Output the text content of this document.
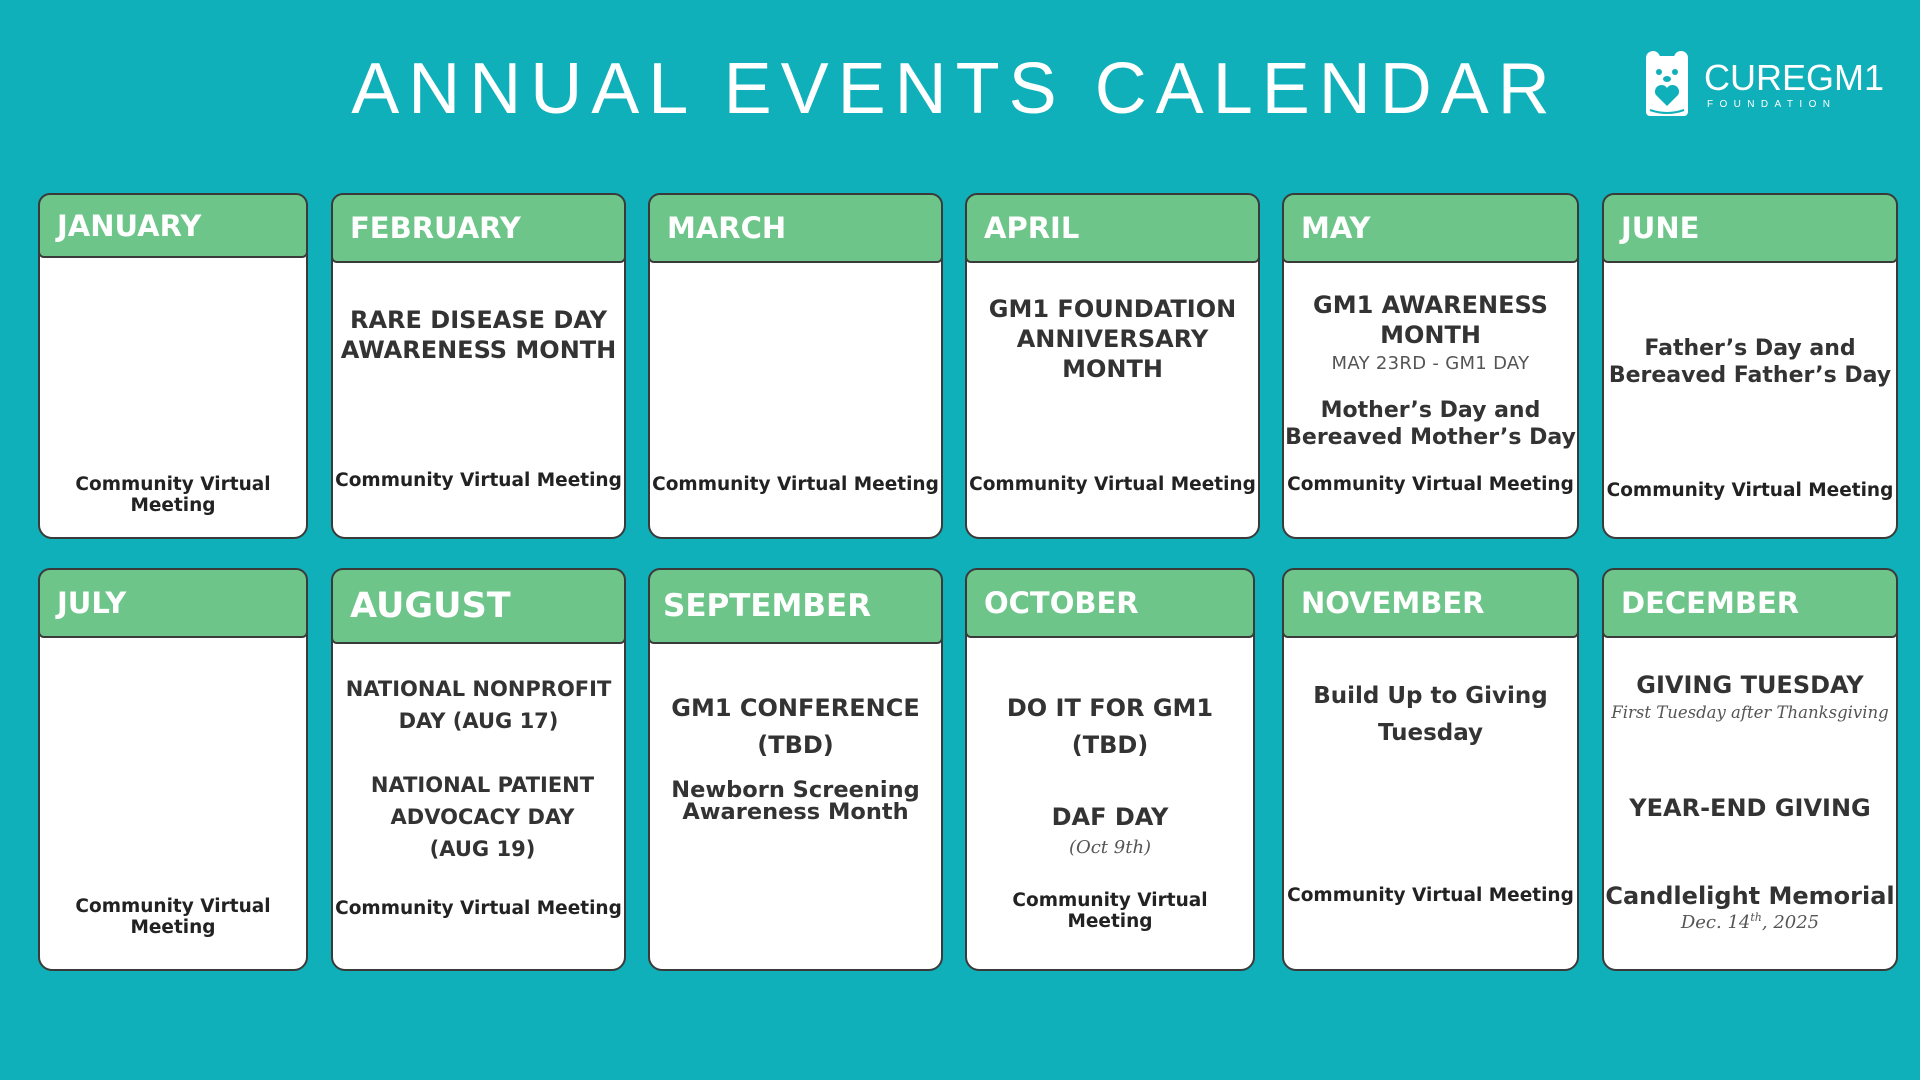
ANNUAL EVENTS CALENDAR	CUREGM1
FOUNDATION
JANUARY
Community Virtual Meeting
FEBRUARY
RARE DISEASE DAY
AWARENESS MONTH
Community Virtual Meeting
MARCH
Community Virtual Meeting
APRIL
GM1 FOUNDATION
ANNIVERSARY
MONTH
Community Virtual Meeting
MAY
GM1 AWARENESS
MONTH
MAY 23RD - GM1 DAY
Mother’s Day and
Bereaved Mother’s Day
Community Virtual Meeting
JUNE
Father’s Day and
Bereaved Father’s Day
Community Virtual Meeting
JULY
Community Virtual Meeting
AUGUST
NATIONAL NONPROFIT
DAY (AUG 17)
NATIONAL PATIENT
ADVOCACY DAY
(AUG 19)
Community Virtual Meeting
SEPTEMBER
GM1 CONFERENCE
(TBD)
Newborn Screening
Awareness Month
OCTOBER
DO IT FOR GM1
(TBD)
DAF DAY
(Oct 9th)
Community Virtual Meeting
NOVEMBER
Build Up to Giving
Tuesday
Community Virtual Meeting
DECEMBER
GIVING TUESDAY
First Tuesday after Thanksgiving
YEAR-END GIVING
Candlelight Memorial
Dec. 14th, 2025
